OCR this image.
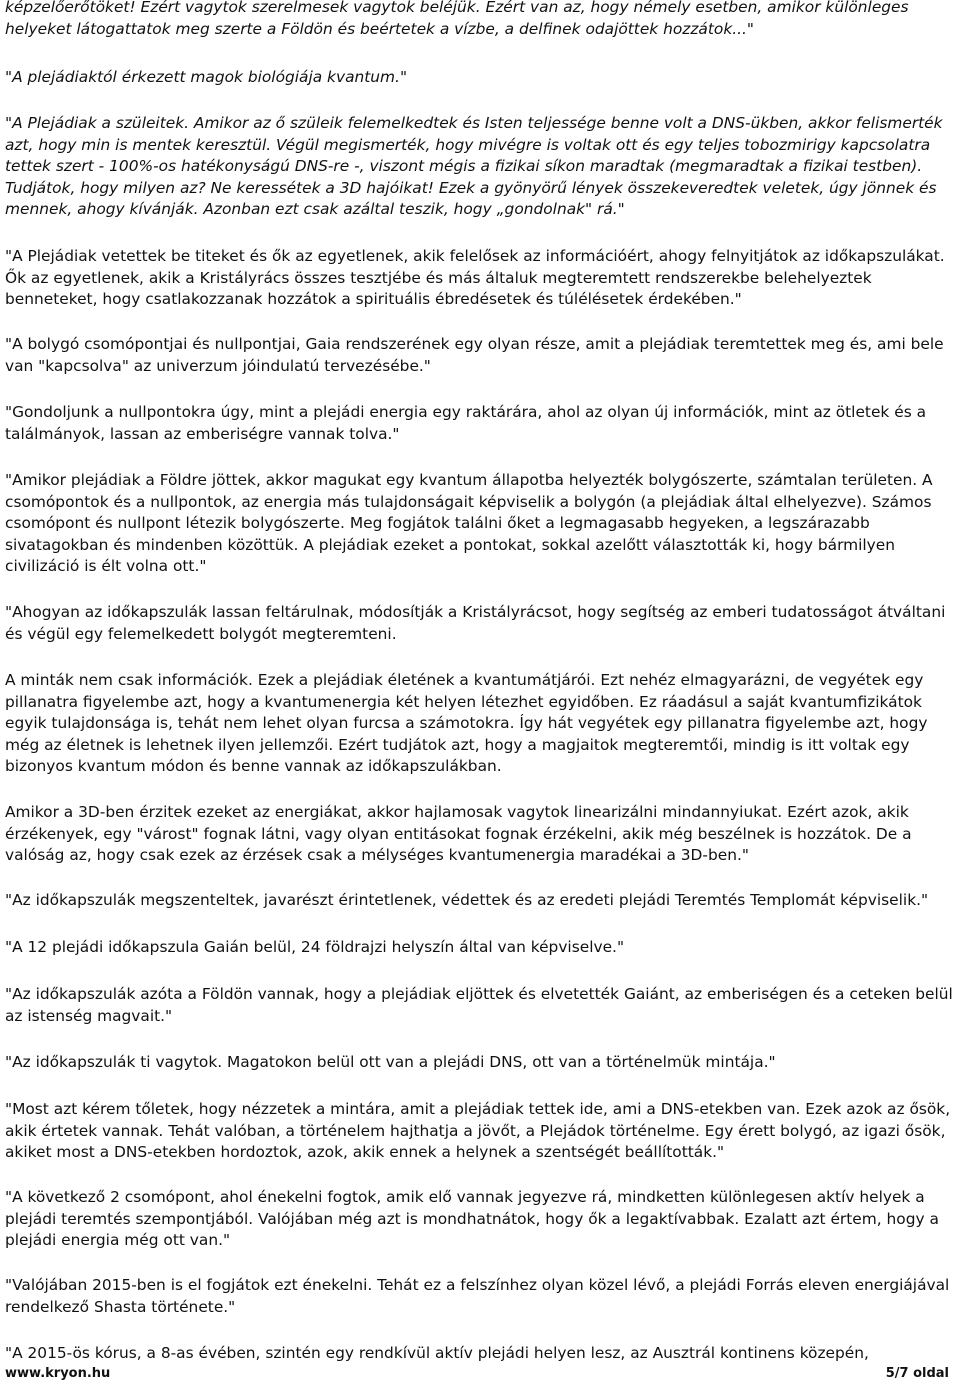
képzelőerőtöket! Ezért vagytok szerelmesek vagytok beléjük. Ezért van az, hogy némely esetben, amikor különleges helyeket látogattatok meg szerte a Földön és beértetek a vízbe, a delfinek odajöttek hozzátok..."

"A plejádiaktól érkezett magok biológiája kvantum."

"A Plejádiak a szüleitek. Amikor az ő szüleik felemelkedtek és Isten teljessége benne volt a DNS-ükben, akkor felismerték azt, hogy min is mentek keresztül. Végül megismerték, hogy mivégre is voltak ott és egy teljes tobozmirigy kapcsolatra tettek szert - 100%-os hatékonyságú DNS-re -, viszont mégis a fizikai síkon maradtak (megmaradtak a fizikai testben). Tudjátok, hogy milyen az? Ne keressétek a 3D hajóikat! Ezek a gyönyörű lények összekeveredtek veletek, úgy jönnek és mennek, ahogy kívánják. Azonban ezt csak azáltal teszik, hogy „gondolnak" rá."

"A Plejádiak vetettek be titeket és ők az egyetlenek, akik felelősek az információért, ahogy felnyitjátok az időkapszulákat. Ők az egyetlenek, akik a Kristályrács összes tesztjébe és más általuk megteremtett rendszerekbe belehelyeztek benneteket, hogy csatlakozzanak hozzátok a spirituális ébredésetek és túlélésetek érdekében."

"A bolygó csomópontjai és nullpontjai, Gaia rendszerének egy olyan része, amit a plejádiak teremtettek meg és, ami bele van "kapcsolva" az univerzum jóindulatú tervezésébe."

"Gondoljunk a nullpontokra úgy, mint a plejádi energia egy raktárára, ahol az olyan új információk, mint az ötletek és a találmányok, lassan az emberiségre vannak tolva."

"Amikor plejádiak a Földre jöttek, akkor magukat egy kvantum állapotba helyezték bolygószerte, számtalan területen. A csomópontok és a nullpontok, az energia más tulajdonságait képviselik a bolygón (a plejádiak által elhelyezve). Számos csomópont és nullpont létezik bolygószerte. Meg fogjátok találni őket a legmagasabb hegyeken, a legszárazabb sivatagokban és mindenben közöttük. A plejádiak ezeket a pontokat, sokkal azelőtt választották ki, hogy bármilyen civilizáció is élt volna ott."

"Ahogyan az időkapszulák lassan feltárulnak, módosítják a Kristályrácsot, hogy segítség az emberi tudatosságot átváltani és végül egy felemelkedett bolygót megteremteni.

A minták nem csak információk. Ezek a plejádiak életének a kvantumátjárói. Ezt nehéz elmagyarázni, de vegyétek egy pillanatra figyelembe azt, hogy a kvantumenergia két helyen létezhet egyidőben. Ez ráadásul a saját kvantumfizikátok egyik tulajdonsága is, tehát nem lehet olyan furcsa a számotokra. Így hát vegyétek egy pillanatra figyelembe azt, hogy még az életnek is lehetnek ilyen jellemzői. Ezért tudjátok azt, hogy a magjaitok megteremtői, mindig is itt voltak egy bizonyos kvantum módon és benne vannak az időkapszulákban.

Amikor a 3D-ben érzitek ezeket az energiákat, akkor hajlamosak vagytok linearizálni mindannyiukat. Ezért azok, akik érzékenyek, egy "várost" fognak látni, vagy olyan entitásokat fognak érzékelni, akik még beszélnek is hozzátok. De a valóság az, hogy csak ezek az érzések csak a mélységes kvantumenergia maradékai a 3D-ben."

"Az időkapszulák megszenteltek, javarészt érintetlenek, védettek és az eredeti plejádi Teremtés Templomát képviselik."

"A 12 plejádi időkapszula Gaián belül, 24 földrajzi helyszín által van képviselve."

"Az időkapszulák azóta a Földön vannak, hogy a plejádiak eljöttek és elvetették Gaiánt, az emberiségen és a ceteken belül az istenség magvait."

"Az időkapszulák ti vagytok. Magatokon belül ott van a plejádi DNS, ott van a történelmük mintája."

"Most azt kérem tőletek, hogy nézzetek a mintára, amit a plejádiak tettek ide, ami a DNS-etekben van. Ezek azok az ősök, akik értetek vannak. Tehát valóban, a történelem hajthatja a jövőt, a Plejádok történelme. Egy érett bolygó, az igazi ősök, akiket most a DNS-etekben hordoztok, azok, akik ennek a helynek a szentségét beállították."

"A következő 2 csomópont, ahol énekelni fogtok, amik elő vannak jegyezve rá, mindketten különlegesen aktív helyek a plejádi teremtés szempontjából. Valójában még azt is mondhatnátok, hogy ők a legaktívabbak. Ezalatt azt értem, hogy a plejádi energia még ott van."

"Valójában 2015-ben is el fogjátok ezt énekelni. Tehát ez a felszínhez olyan közel lévő, a plejádi Forrás eleven energiájával rendelkező Shasta története."

"A 2015-ös kórus, a 8-as évében, szintén egy rendkívül aktív plejádi helyen lesz, az Ausztrál kontinens közepén,

www.kryon.hu	5/7 oldal
